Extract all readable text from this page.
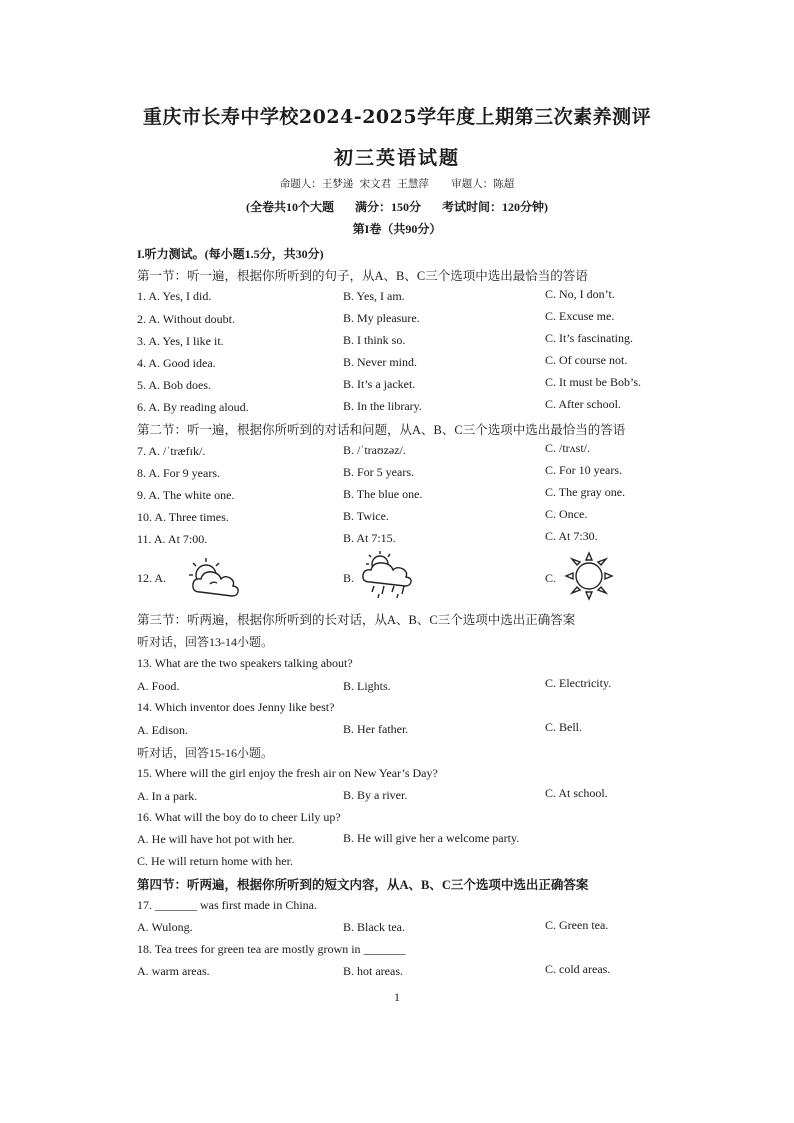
重庆市长寿中学校2024-2025学年度上期第三次素养测评
初三英语试题
命题人：王梦递 宋文君 王慧萍 审题人：陈超
(全卷共10个大题 满分：150分 考试时间：120分钟)
第I卷（共90分）
I.听力测试。(每小题1.5分，共30分)
第一节：听一遍，根据你所听到的句子，从A、B、C三个选项中选出最恰当的答语
1. A. Yes, I did.	B. Yes, I am.	C. No, I don’t.
2. A. Without doubt.	B. My pleasure.	C. Excuse me.
3. A. Yes, I like it.	B. I think so.	C. It’s fascinating.
4. A. Good idea.	B. Never mind.	C. Of course not.
5. A. Bob does.	B. It’s a jacket.	C. It must be Bob’s.
6. A. By reading aloud.	B. In the library.	C. After school.
第二节：听一遍，根据你所听到的对话和问题，从A、B、C三个选项中选出最恰当的答语
7. A. /ˈtræfɪk/.	B. /ˈtraʊzəz/.	C. /trʌst/.
8. A. For 9 years.	B. For 5 years.	C. For 10 years.
9. A. The white one.	B. The blue one.	C. The gray one.
10. A. Three times.	B. Twice.	C. Once.
11. A. At 7:00.	B. At 7:15.	C. At 7:30.
12. A.	B.	C.
第三节：听两遍，根据你所听到的长对话，从A、B、C三个选项中选出正确答案
听对话，回答13-14小题。
13. What are the two speakers talking about?
A. Food.	B. Lights.	C. Electricity.
14. Which inventor does Jenny like best?
A. Edison.	B. Her father.	C. Bell.
听对话，回答15-16小题。
15. Where will the girl enjoy the fresh air on New Year’s Day?
A. In a park.	B. By a river.	C. At school.
16. What will the boy do to cheer Lily up?
A. He will have hot pot with her.	B. He will give her a welcome party.
C. He will return home with her.
第四节：听两遍，根据你所听到的短文内容，从A、B、C三个选项中选出正确答案
17. _______ was first made in China.
A. Wulong.	B. Black tea.	C. Green tea.
18. Tea trees for green tea are mostly grown in _______
A. warm areas.	B. hot areas.	C. cold areas.
1
